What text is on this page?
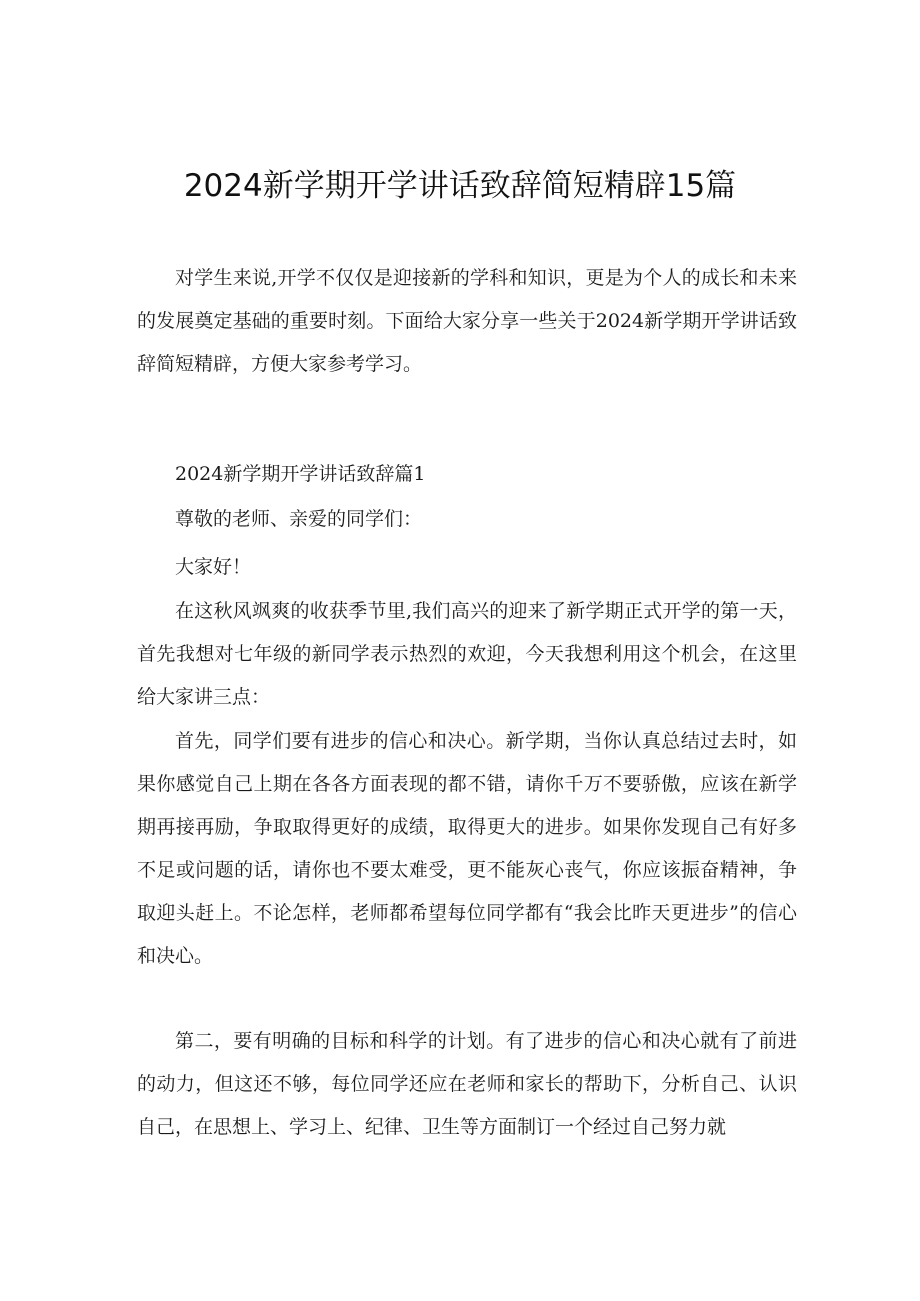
2024新学期开学讲话致辞简短精辟15篇

对学生来说,开学不仅仅是迎接新的学科和知识，更是为个人的成长和未来的发展奠定基础的重要时刻。下面给大家分享一些关于2024新学期开学讲话致辞简短精辟，方便大家参考学习。

2024新学期开学讲话致辞篇1

尊敬的老师、亲爱的同学们：

大家好！

在这秋风飒爽的收获季节里,我们高兴的迎来了新学期正式开学的第一天，首先我想对七年级的新同学表示热烈的欢迎，今天我想利用这个机会，在这里给大家讲三点：

首先，同学们要有进步的信心和决心。新学期，当你认真总结过去时，如果你感觉自己上期在各各方面表现的都不错，请你千万不要骄傲，应该在新学期再接再励，争取取得更好的成绩，取得更大的进步。如果你发现自己有好多不足或问题的话，请你也不要太难受，更不能灰心丧气，你应该振奋精神，争取迎头赶上。不论怎样，老师都希望每位同学都有“我会比昨天更进步”的信心和决心。

第二，要有明确的目标和科学的计划。有了进步的信心和决心就有了前进的动力，但这还不够，每位同学还应在老师和家长的帮助下，分析自己、认识自己，在思想上、学习上、纪律、卫生等方面制订一个经过自己努力就
